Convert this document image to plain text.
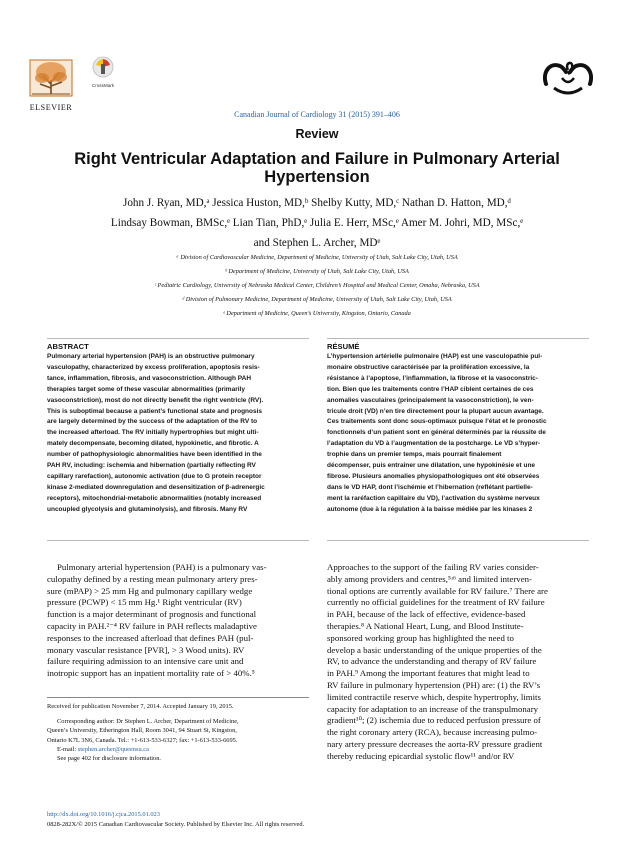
ELSEVIER
CrossMark
Canadian Journal of Cardiology 31 (2015) 391–406
Review
Right Ventricular Adaptation and Failure in Pulmonary Arterial Hypertension
John J. Ryan, MD,ᵃ Jessica Huston, MD,ᵇ Shelby Kutty, MD,ᶜ Nathan D. Hatton, MD,ᵈ
Lindsay Bowman, BMSc,ᵉ Lian Tian, PhD,ᵉ Julia E. Herr, MSc,ᵉ Amer M. Johri, MD, MSc,ᵉ
and Stephen L. Archer, MDᵉ
ᵃ Division of Cardiovascular Medicine, Department of Medicine, University of Utah, Salt Lake City, Utah, USA
ᵇ Department of Medicine, University of Utah, Salt Lake City, Utah, USA
ᶜ Pediatric Cardiology, University of Nebraska Medical Center, Children’s Hospital and Medical Center, Omaha, Nebraska, USA
ᵈ Division of Pulmonary Medicine, Department of Medicine, University of Utah, Salt Lake City, Utah, USA
ᵉ Department of Medicine, Queen’s University, Kingston, Ontario, Canada
ABSTRACT
Pulmonary arterial hypertension (PAH) is an obstructive pulmonary
vasculopathy, characterized by excess proliferation, apoptosis resis-
tance, inflammation, fibrosis, and vasoconstriction. Although PAH
therapies target some of these vascular abnormalities (primarily
vasoconstriction), most do not directly benefit the right ventricle (RV).
This is suboptimal because a patient’s functional state and prognosis
are largely determined by the success of the adaptation of the RV to
the increased afterload. The RV initially hypertrophies but might ulti-
mately decompensate, becoming dilated, hypokinetic, and fibrotic. A
number of pathophysiologic abnormalities have been identified in the
PAH RV, including: ischemia and hibernation (partially reflecting RV
capillary rarefaction), autonomic activation (due to G protein receptor
kinase 2-mediated downregulation and desensitization of β-adrenergic
receptors), mitochondrial-metabolic abnormalities (notably increased
uncoupled glycolysis and glutaminolysis), and fibrosis. Many RV
RÉSUMÉ
L’hypertension artérielle pulmonaire (HAP) est une vasculopathie pul-
monaire obstructive caractérisée par la prolifération excessive, la
résistance à l’apoptose, l’inflammation, la fibrose et la vasoconstric-
tion. Bien que les traitements contre l’HAP ciblent certaines de ces
anomalies vasculaires (principalement la vasoconstriction), le ven-
tricule droit (VD) n’en tire directement pour la plupart aucun avantage.
Ces traitements sont donc sous-optimaux puisque l’état et le pronostic
fonctionnels d’un patient sont en général déterminés par la réussite de
l’adaptation du VD à l’augmentation de la postcharge. Le VD s’hyper-
trophie dans un premier temps, mais pourrait finalement
décompenser, puis entraîner une dilatation, une hypokinésie et une
fibrose. Plusieurs anomalies physiopathologiques ont été observées
dans le VD HAP, dont l’ischémie et l’hibernation (reflétant partielle-
ment la raréfaction capillaire du VD), l’activation du système nerveux
autonome (due à la régulation à la baisse médiée par les kinases 2
Pulmonary arterial hypertension (PAH) is a pulmonary vas-
culopathy defined by a resting mean pulmonary artery pres-
sure (mPAP) > 25 mm Hg and pulmonary capillary wedge
pressure (PCWP) < 15 mm Hg.¹ Right ventricular (RV)
function is a major determinant of prognosis and functional
capacity in PAH.²⁻⁴ RV failure in PAH reflects maladaptive
responses to the increased afterload that defines PAH (pul-
monary vascular resistance [PVR], > 3 Wood units). RV
failure requiring admission to an intensive care unit and
inotropic support has an inpatient mortality rate of > 40%.⁵
Received for publication November 7, 2014. Accepted January 19, 2015.
Corresponding author: Dr Stephen L. Archer, Department of Medicine,
Queen’s University, Etherington Hall, Room 3041, 94 Stuart St, Kingston,
Ontario K7L 3N6, Canada. Tel.: +1-613-533-6327; fax: +1-613-533-6695.
E-mail: stephen.archer@queensu.ca
See page 402 for disclosure information.
Approaches to the support of the failing RV varies consider-
ably among providers and centres,⁵ʴ⁶ and limited interven-
tional options are currently available for RV failure.⁷ There are
currently no official guidelines for the treatment of RV failure
in PAH, because of the lack of effective, evidence-based
therapies.⁸ A National Heart, Lung, and Blood Institute-
sponsored working group has highlighted the need to
develop a basic understanding of the unique properties of the
RV, to advance the understanding and therapy of RV failure
in PAH.⁹ Among the important features that might lead to
RV failure in pulmonary hypertension (PH) are: (1) the RV’s
limited contractile reserve which, despite hypertrophy, limits
capacity for adaptation to an increase of the transpulmonary
gradient¹⁰; (2) ischemia due to reduced perfusion pressure of
the right coronary artery (RCA), because increasing pulmo-
nary artery pressure decreases the aorta-RV pressure gradient
thereby reducing epicardial systolic flow¹¹ and/or RV
http://dx.doi.org/10.1016/j.cjca.2015.01.023
0828-282X/© 2015 Canadian Cardiovascular Society. Published by Elsevier Inc. All rights reserved.
